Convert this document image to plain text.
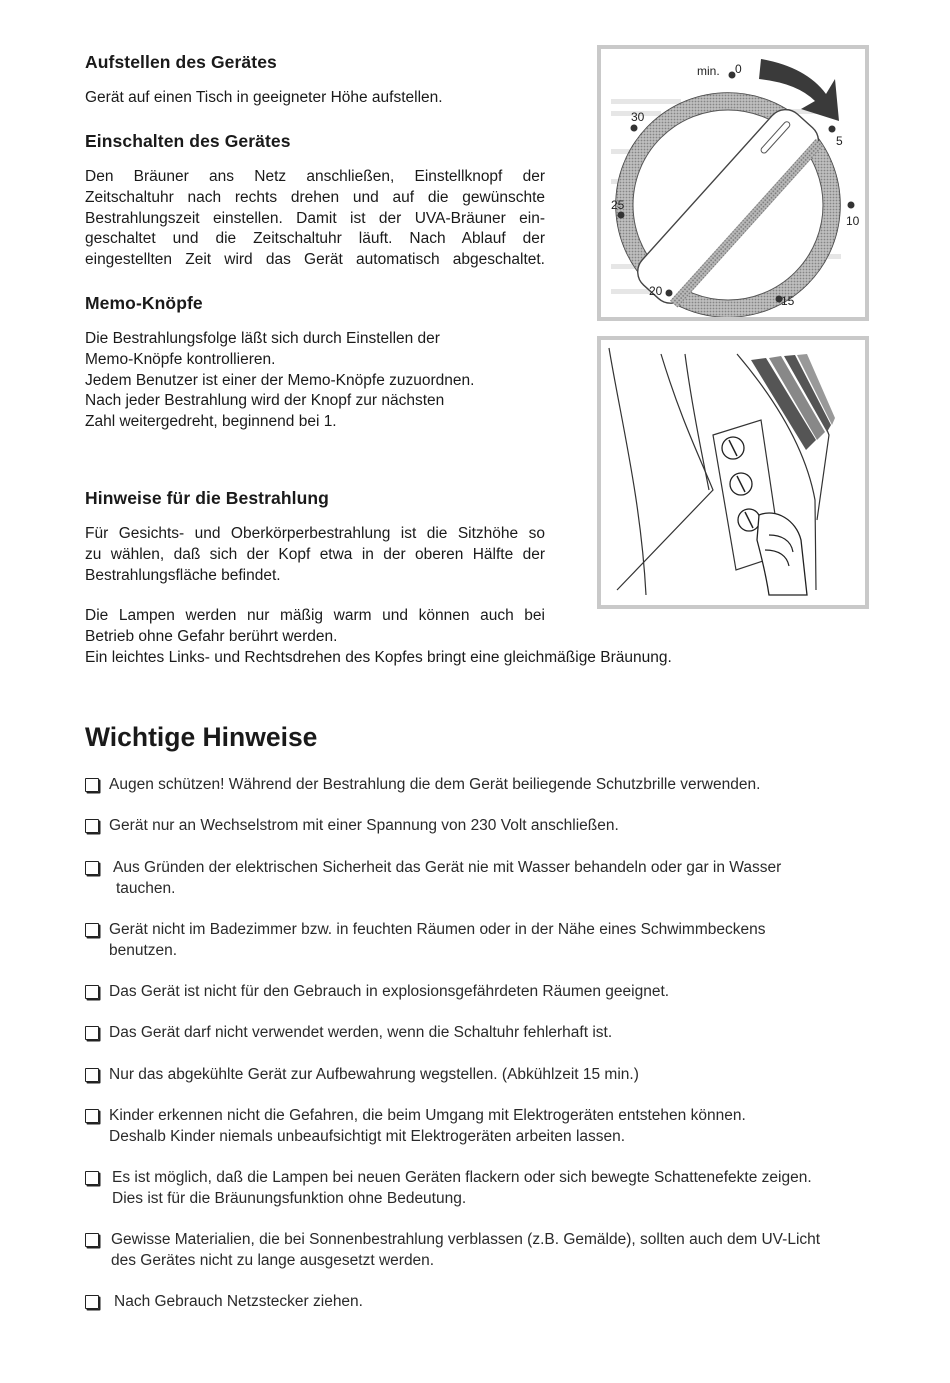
Aufstellen des Gerätes

Gerät auf einen Tisch in geeigneter Höhe aufstellen.

Einschalten des Gerätes
Den Bräuner ans Netz anschließen, Einstellknopf der
Zeitschaltuhr nach rechts drehen und auf die gewünschte
Bestrahlungszeit einstellen. Damit ist der UVA-Bräuner ein-
geschaltet und die Zeitschaltuhr läuft. Nach Ablauf der
eingestellten Zeit wird das Gerät automatisch abgeschaltet.
Memo-Knöpfe
Die Bestrahlungsfolge läßt sich durch Einstellen der
Memo-Knöpfe kontrollieren.
Jedem Benutzer ist einer der Memo-Knöpfe zuzuordnen.
Nach jeder Bestrahlung wird der Knopf zur nächsten
Zahl weitergedreht, beginnend bei 1.
Hinweise für die Bestrahlung
Für Gesichts- und Oberkörperbestrahlung ist die Sitzhöhe so
zu wählen, daß sich der Kopf etwa in der oberen Hälfte der
Bestrahlungsfläche befindet.
Die Lampen werden nur mäßig warm und können auch bei
Betrieb ohne Gefahr berührt werden.
Ein leichtes Links- und Rechtsdrehen des Kopfes bringt eine gleichmäßige Bräunung.
min. 0
5
10
15
20
25
30
Wichtige Hinweise
Augen schützen! Während der Bestrahlung die dem Gerät beiliegende Schutzbrille verwenden.
Gerät nur an Wechselstrom mit einer Spannung von 230 Volt anschließen.
Aus Gründen der elektrischen Sicherheit das Gerät nie mit Wasser behandeln oder gar in Wasser
tauchen.
Gerät nicht im Badezimmer bzw. in feuchten Räumen oder in der Nähe eines Schwimmbeckens
benutzen.
Das Gerät ist nicht für den Gebrauch in explosionsgefährdeten Räumen geeignet.
Das Gerät darf nicht verwendet werden, wenn die Schaltuhr fehlerhaft ist.
Nur das abgekühlte Gerät zur Aufbewahrung wegstellen. (Abkühlzeit 15 min.)
Kinder erkennen nicht die Gefahren, die beim Umgang mit Elektrogeräten entstehen können.
Deshalb Kinder niemals unbeaufsichtigt mit Elektrogeräten arbeiten lassen.
Es ist möglich, daß die Lampen bei neuen Geräten flackern oder sich bewegte Schattenefekte zeigen.
Dies ist für die Bräunungsfunktion ohne Bedeutung.
Gewisse Materialien, die bei Sonnenbestrahlung verblassen (z.B. Gemälde), sollten auch dem UV-Licht
des Gerätes nicht zu lange ausgesetzt werden.
Nach Gebrauch Netzstecker ziehen.
